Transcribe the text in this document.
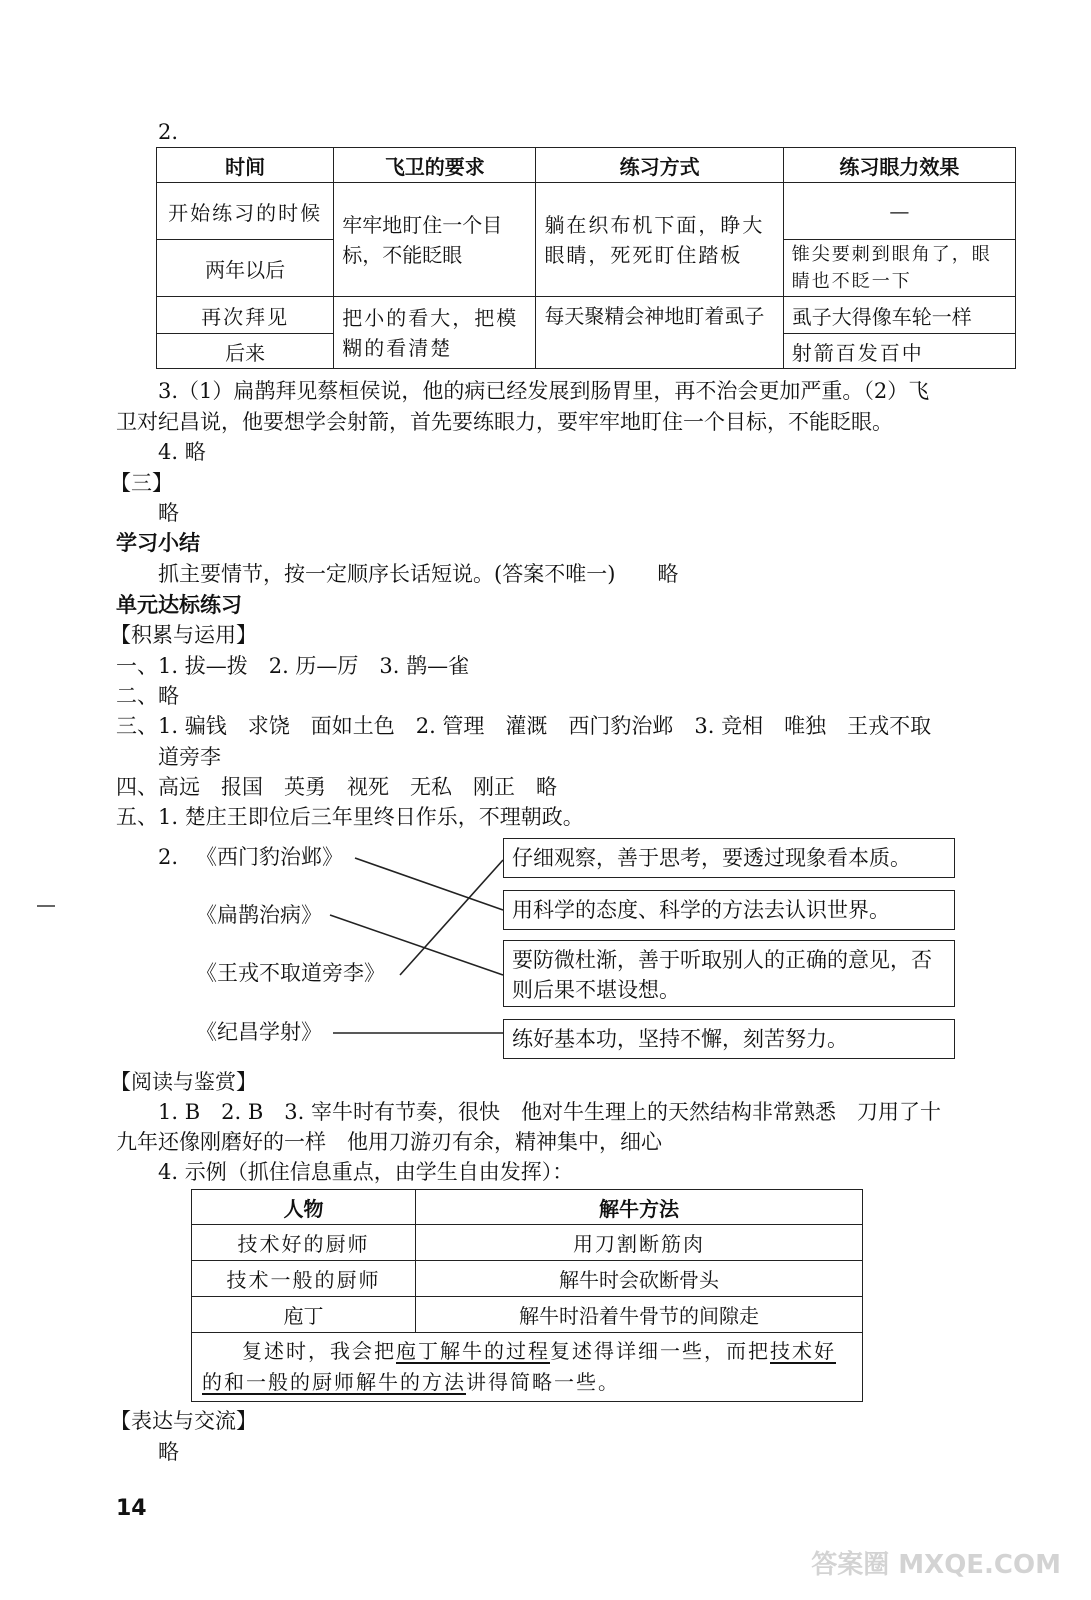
2.
时间	飞卫的要求	练习方式	练习眼力效果
开始练习的时候	牢牢地盯住一个目标，不能眨眼	躺在织布机下面，睁大眼睛，死死盯住踏板	—
两年以后			锥尖要刺到眼角了，眼睛也不眨一下
再次拜见	把小的看大，把模糊的看清楚	每天聚精会神地盯着虱子	虱子大得像车轮一样
后来			射箭百发百中
3.（1）扁鹊拜见蔡桓侯说，他的病已经发展到肠胃里，再不治会更加严重。（2）飞
卫对纪昌说，他要想学会射箭，首先要练眼力，要牢牢地盯住一个目标，不能眨眼。
4. 略
【三】
略
学习小结
抓主要情节，按一定顺序长话短说。(答案不唯一)　　略
单元达标练习
【积累与运用】
一、1. 拔—拨　2. 历—厉　3. 鹊—雀
二、略
三、1. 骗钱　求饶　面如土色　2. 管理　灌溉　西门豹治邺　3. 竞相　唯独　王戎不取
道旁李
四、高远　报国　英勇　视死　无私　刚正　略
五、1. 楚庄王即位后三年里终日作乐，不理朝政。
2. 《西门豹治邺》
《扁鹊治病》
《王戎不取道旁李》
《纪昌学射》
仔细观察，善于思考，要透过现象看本质。
用科学的态度、科学的方法去认识世界。
要防微杜渐，善于听取别人的正确的意见，否则后果不堪设想。
练好基本功，坚持不懈，刻苦努力。
【阅读与鉴赏】
1. B　2. B　3. 宰牛时有节奏，很快　他对牛生理上的天然结构非常熟悉　刀用了十
九年还像刚磨好的一样　他用刀游刃有余，精神集中，细心
4. 示例（抓住信息重点，由学生自由发挥）：
人物	解牛方法
技术好的厨师	用刀割断筋肉
技术一般的厨师	解牛时会砍断骨头
庖丁	解牛时沿着牛骨节的间隙走
复述时，我会把庖丁解牛的过程复述得详细一些，而把技术好的和一般的厨师解牛的方法讲得简略一些。	
【表达与交流】
略
14
答案圈 MXQE.COM
